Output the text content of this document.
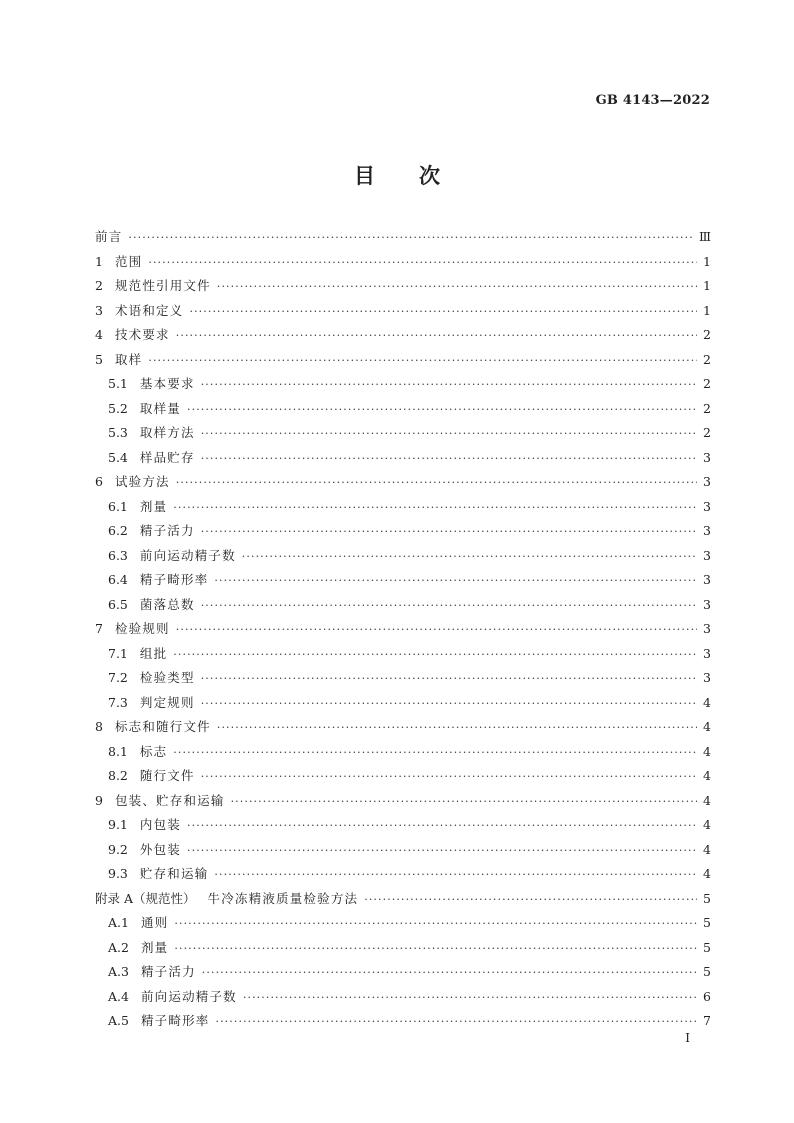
GB 4143—2022
目 次
前言 ·····	Ⅲ
1 范围 ·····	1
2 规范性引用文件 ·····	1
3 术语和定义 ·····	1
4 技术要求 ·····	2
5 取样 ·····	2
5.1 基本要求 ·····	2
5.2 取样量 ·····	2
5.3 取样方法 ·····	2
5.4 样品贮存 ·····	3
6 试验方法 ·····	3
6.1 剂量 ·····	3
6.2 精子活力 ·····	3
6.3 前向运动精子数 ·····	3
6.4 精子畸形率 ·····	3
6.5 菌落总数 ·····	3
7 检验规则 ·····	3
7.1 组批 ·····	3
7.2 检验类型 ·····	3
7.3 判定规则 ·····	4
8 标志和随行文件 ·····	4
8.1 标志 ·····	4
8.2 随行文件 ·····	4
9 包装、贮存和运输 ·····	4
9.1 内包装 ·····	4
9.2 外包装 ·····	4
9.3 贮存和运输 ·····	4
附录 A（规范性） 牛冷冻精液质量检验方法 ·····	5
A.1 通则 ·····	5
A.2 剂量 ·····	5
A.3 精子活力 ·····	5
A.4 前向运动精子数 ·····	6
A.5 精子畸形率 ·····	7
I
